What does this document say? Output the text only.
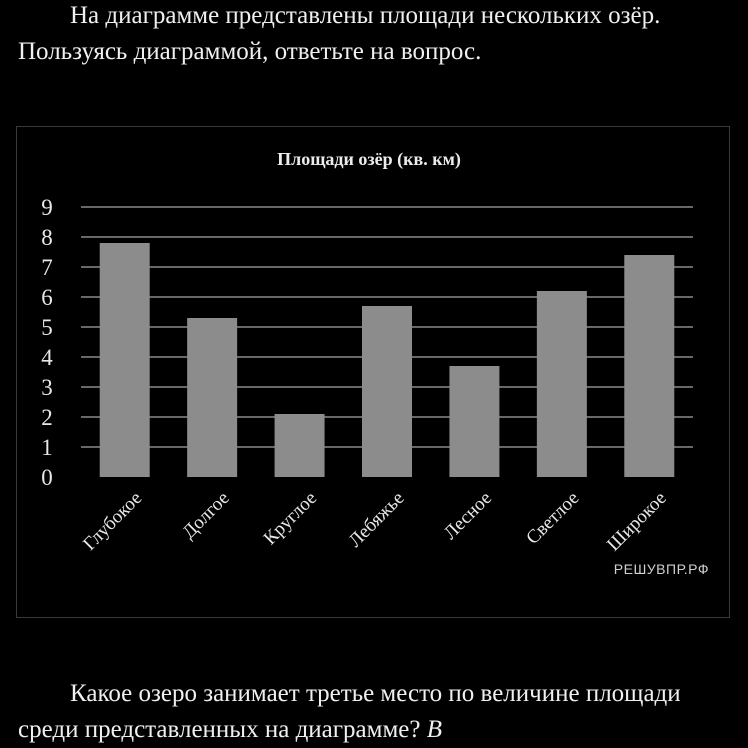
На диаграмме представлены площади нескольких озёр. Пользуясь диаграммой, ответьте на вопрос.

Площади озёр (кв. км)
0
1
2
3
4
5
6
7
8
9
Глубокое Долгое Круглое Лебяжье Лесное Светлое Широкое
РЕШУВПР.РФ

Какое озеро занимает третье место по величине площади среди представленных на диаграмме? В
